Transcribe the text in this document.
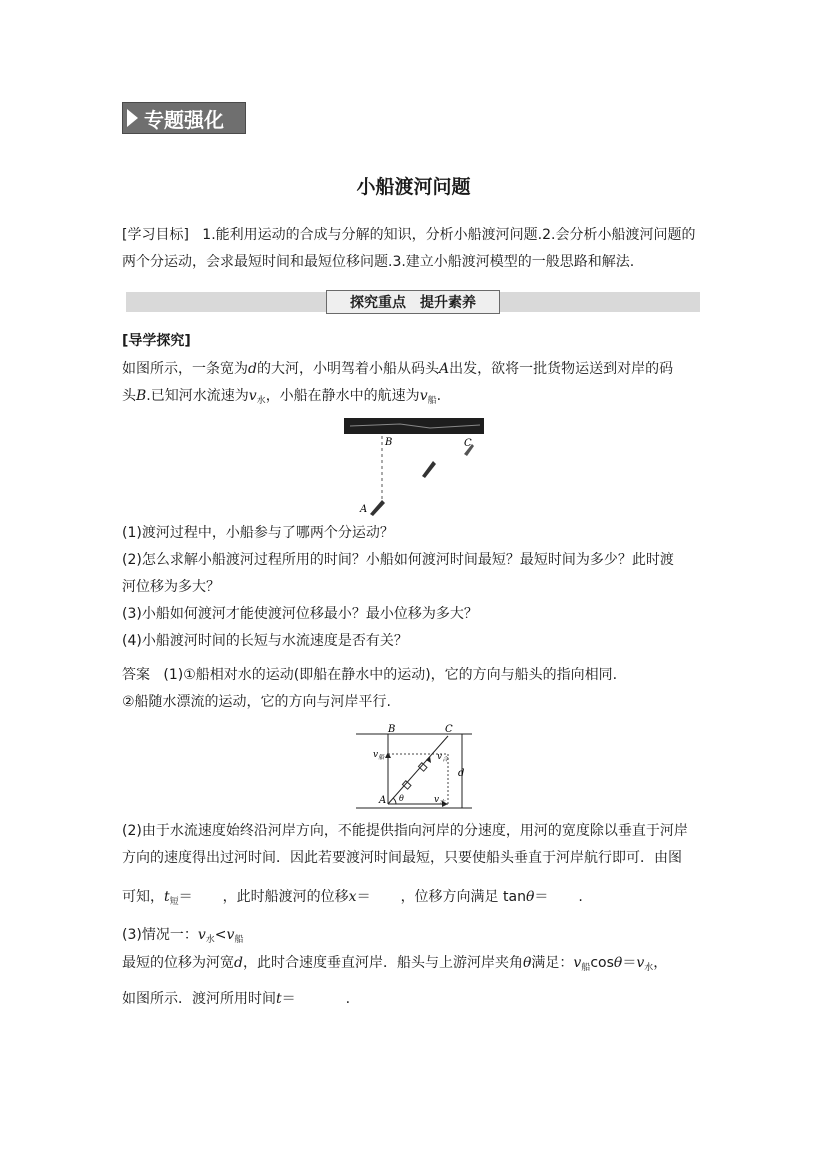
专题强化
小船渡河问题
[学习目标] 1.能利用运动的合成与分解的知识，分析小船渡河问题.2.会分析小船渡河问题的
两个分运动，会求最短时间和最短位移问题.3.建立小船渡河模型的一般思路和解法.
探究重点 提升素养
[导学探究]
如图所示，一条宽为d的大河，小明驾着小船从码头A出发，欲将一批货物运送到对岸的码
头B.已知河水流速为$v_水$，小船在静水中的航速为$v_船$.
B	C
A
(1)渡河过程中，小船参与了哪两个分运动？
(2)怎么求解小船渡河过程所用的时间？小船如何渡河时间最短？最短时间为多少？此时渡
河位移为多大？
(3)小船如何渡河才能使渡河位移最小？最小位移为多大？
(4)小船渡河时间的长短与水流速度是否有关？
答案 (1)①船相对水的运动(即船在静水中的运动)，它的方向与船头的指向相同.
②船随水漂流的运动，它的方向与河岸平行.
B	C
d
A θ
$v_船$	$v_合$
$v_水$
(2)由于水流速度始终沿河岸方向，不能提供指向河岸的分速度，用河的宽度除以垂直于河岸
方向的速度得出过河时间．因此若要渡河时间最短，只要使船头垂直于河岸航行即可．由图
可知，$t_短=$ ，此时船渡河的位移x＝ ，位移方向满足 tanθ＝ .
(3)情况一：$v_水<v_船$
最短的位移为河宽d，此时合速度垂直河岸．船头与上游河岸夹角θ满足：$v_船\cos\theta=v_水$，
如图所示．渡河所用时间t＝	.
